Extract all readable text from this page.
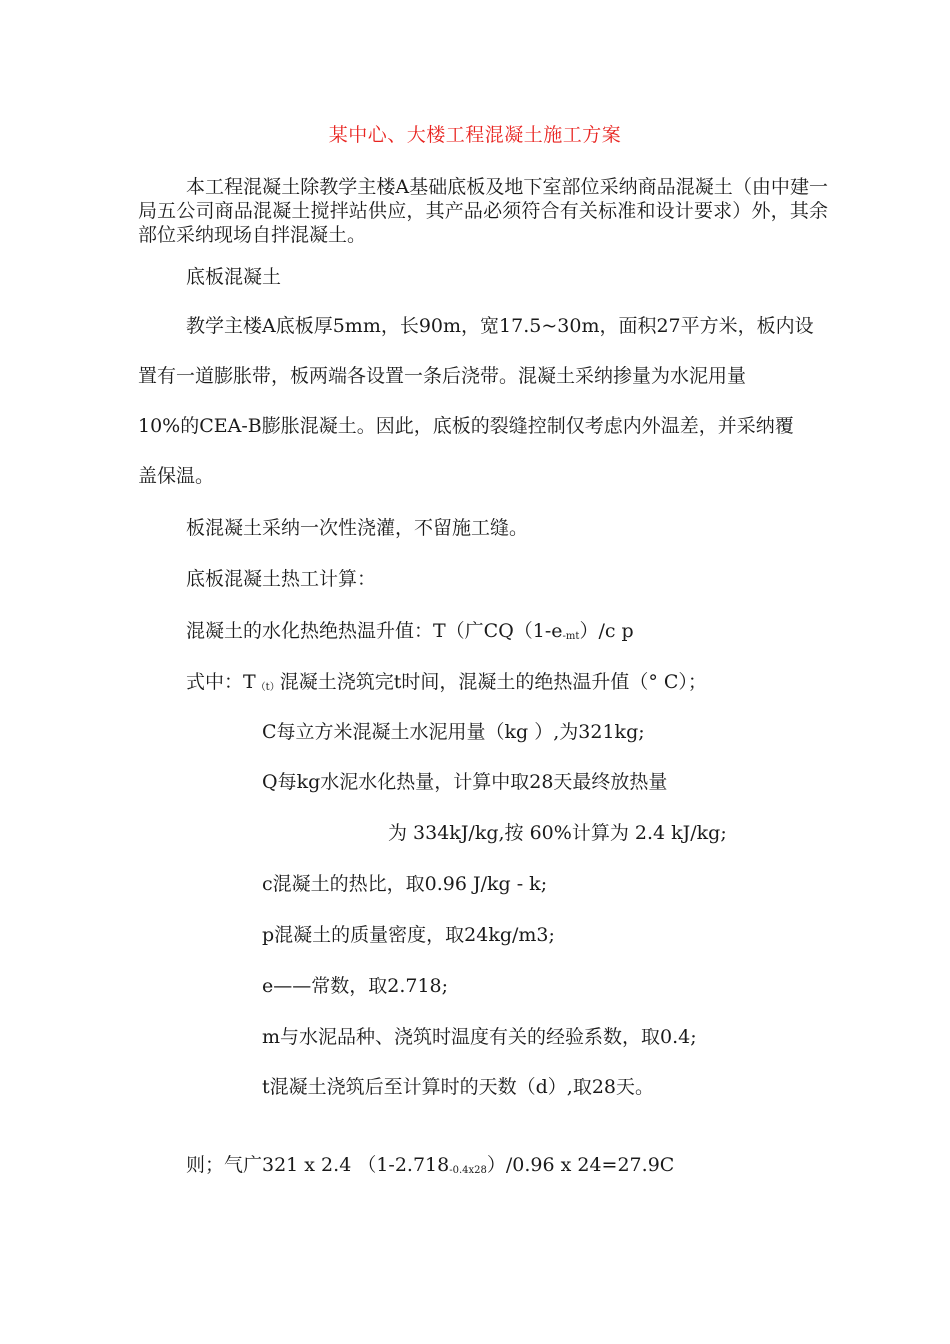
某中心、大楼工程混凝土施工方案
本工程混凝土除教学主楼A基础底板及地下室部位采纳商品混凝土（由中建一局五公司商品混凝土搅拌站供应，其产品必须符合有关标准和设计要求）外，其余部位采纳现场自拌混凝土。
底板混凝土
教学主楼A底板厚5mm，长90m，宽17.5~30m，面积27平方米，板内设
置有一道膨胀带，板两端各设置一条后浇带。混凝土采纳掺量为水泥用量
10%的CEA-B膨胀混凝土。因此，底板的裂缝控制仅考虑内外温差，并采纳覆
盖保温。
板混凝土采纳一次性浇灌，不留施工缝。
底板混凝土热工计算：
混凝土的水化热绝热温升值：T（广$CQ(1-e_{-mt})/c$ p
式中：$T_{(t)}$混凝土浇筑完t时间，混凝土的绝热温升值（° C）；
C每立方米混凝土水泥用量（kg ）,为321kg;
Q每kg水泥水化热量，计算中取28天最终放热量
为 334kJ/kg,按 60%计算为 2.4 kJ/kg;
c混凝土的热比，取0.96 J/kg - k;
p混凝土的质量密度，取24kg/m3;
e——常数，取2.718;
m与水泥品种、浇筑时温度有关的经验系数，取0.4;
t混凝土浇筑后至计算时的天数（d）,取28天。
则；气广321 x 2.4 $(1-2.718_{-0.4x28})/0.96$ x 24=27.9C
